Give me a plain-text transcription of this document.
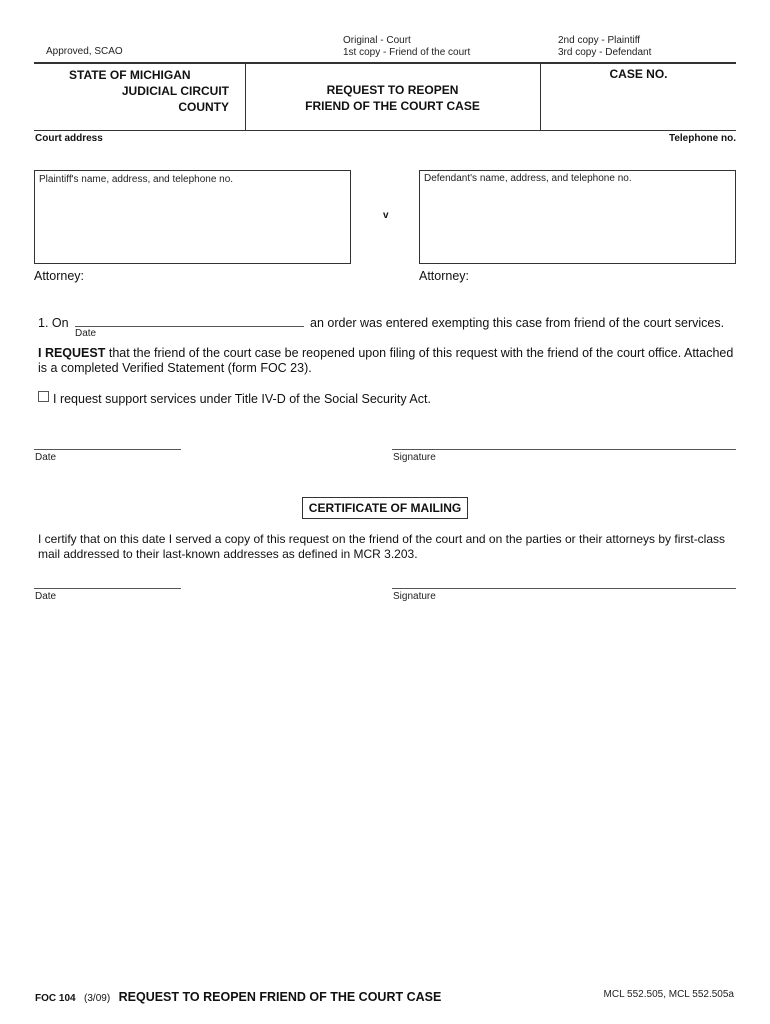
Approved, SCAO
Original - Court
1st copy - Friend of the court
2nd copy - Plaintiff
3rd copy - Defendant
STATE OF MICHIGAN
JUDICIAL CIRCUIT
COUNTY
REQUEST TO REOPEN
FRIEND OF THE COURT CASE
CASE NO.
Court address	Telephone no.
Plaintiff's name, address, and telephone no.
v
Defendant's name, address, and telephone no.
Attorney:	Attorney:
1. On
Date
an order was entered exempting this case from friend of the court services.
I REQUEST that the friend of the court case be reopened upon filing of this request with the friend of the court office. Attached
is a completed Verified Statement (form FOC 23).
I request support services under Title IV-D of the Social Security Act.
Date	Signature
CERTIFICATE OF MAILING
I certify that on this date I served a copy of this request on the friend of the court and on the parties or their attorneys by first-class
mail addressed to their last-known addresses as defined in MCR 3.203.
Date	Signature
FOC 104 (3/09) REQUEST TO REOPEN FRIEND OF THE COURT CASE	MCL 552.505, MCL 552.505a
